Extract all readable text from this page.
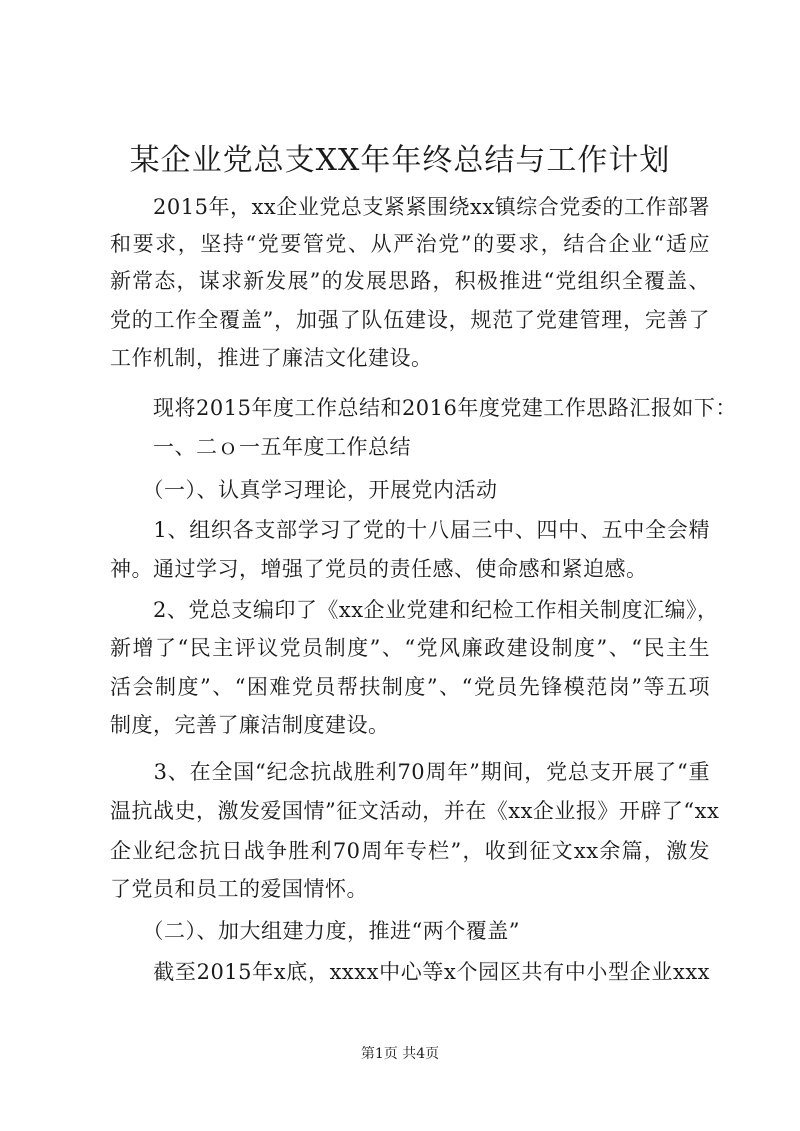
某企业党总支XX年年终总结与工作计划
　　2015年，xx企业党总支紧紧围绕xx镇综合党委的工作部署
和要求，坚持“党要管党、从严治党”的要求，结合企业“适应
新常态，谋求新发展”的发展思路，积极推进“党组织全覆盖、
党的工作全覆盖”，加强了队伍建设，规范了党建管理，完善了
工作机制，推进了廉洁文化建设。
　　现将2015年度工作总结和2016年度党建工作思路汇报如下：
　　一、二ｏ一五年度工作总结
　　（一）、认真学习理论，开展党内活动
　　1、组织各支部学习了党的十八届三中、四中、五中全会精
神。通过学习，增强了党员的责任感、使命感和紧迫感。
　　2、党总支编印了《xx企业党建和纪检工作相关制度汇编》，
新增了“民主评议党员制度”、“党风廉政建设制度”、“民主生
活会制度”、“困难党员帮扶制度”、“党员先锋模范岗”等五项
制度，完善了廉洁制度建设。
　　3、在全国“纪念抗战胜利70周年”期间，党总支开展了“重
温抗战史，激发爱国情”征文活动，并在《xx企业报》开辟了“xx
企业纪念抗日战争胜利70周年专栏”，收到征文xx余篇，激发
了党员和员工的爱国情怀。
　　（二）、加大组建力度，推进“两个覆盖”
　　截至2015年x底，xxxx中心等x个园区共有中小型企业xxx
第1页 共4页
